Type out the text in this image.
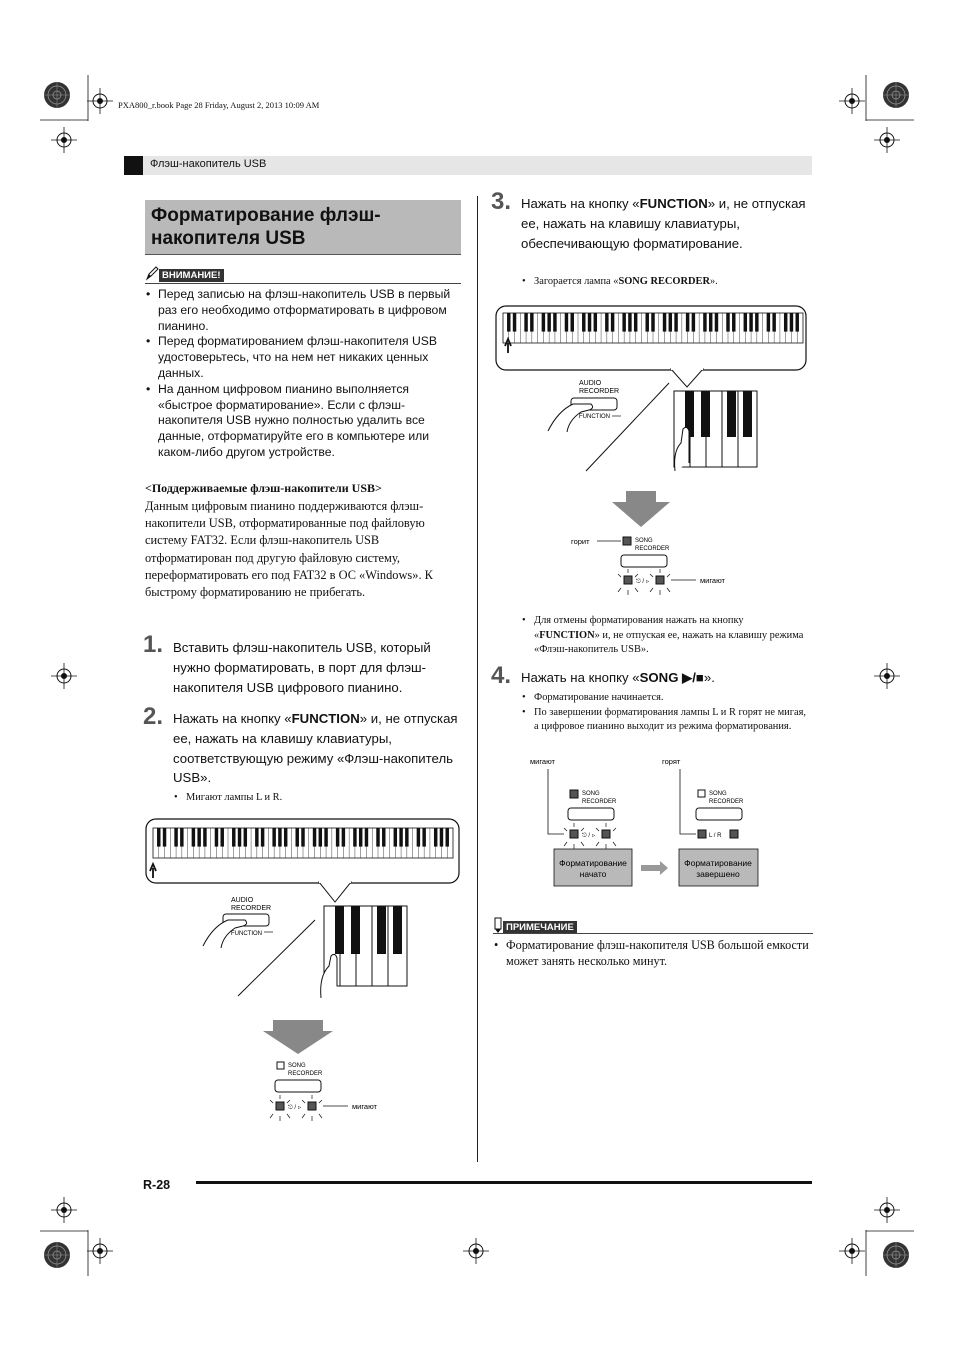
PXA800_r.book Page 28 Friday, August 2, 2013 10:09 AM
Флэш-накопитель USB
Форматирование флэш-накопителя USB
ВНИМАНИЕ!
• Перед записью на флэш-накопитель USB в первый раз его необходимо отформатировать в цифровом пианино.
• Перед форматированием флэш-накопителя USB удостоверьтесь, что на нем нет никаких ценных данных.
• На данном цифровом пианино выполняется «быстрое форматирование». Если с флэш-накопителя USB нужно полностью удалить все данные, отформатируйте его в компьютере или каком-либо другом устройстве.
<Поддерживаемые флэш-накопители USB>
Данным цифровым пианино поддерживаются флэш-накопители USB, отформатированные под файловую систему FAT32. Если флэш-накопитель USB отформатирован под другую файловую систему, переформатировать его под FAT32 в ОС «Windows». К быстрому форматированию не прибегать.
1. Вставить флэш-накопитель USB, который нужно форматировать, в порт для флэш-накопителя USB цифрового пианино.
2. Нажать на кнопку «FUNCTION» и, не отпуская ее, нажать на клавишу клавиатуры, соответствующую режиму «Флэш-накопитель USB».
• Мигают лампы L и R.
AUDIO
RECORDER
FUNCTION
SONG
RECORDER
⎋ / ⊳	мигают
3. Нажать на кнопку «FUNCTION» и, не отпуская ее, нажать на клавишу клавиатуры, обеспечивающую форматирование.
• Загорается лампа «SONG RECORDER».
AUDIO
RECORDER
FUNCTION
горит	SONG
RECORDER
⎋ / ⊳	мигают
• Для отмены форматирования нажать на кнопку «FUNCTION» и, не отпуская ее, нажать на клавишу режима «Флэш-накопитель USB».
4. Нажать на кнопку «SONG ▶/■».
• Форматирование начинается.
• По завершении форматирования лампы L и R горят не мигая, а цифровое пианино выходит из режима форматирования.
мигают	горят
SONG
RECORDER
⎋ / ⊳
SONG
RECORDER
L / R
Форматирование
начато
Форматирование
завершено
ПРИМЕЧАНИЕ
• Форматирование флэш-накопителя USB большой емкости может занять несколько минут.
R-28
